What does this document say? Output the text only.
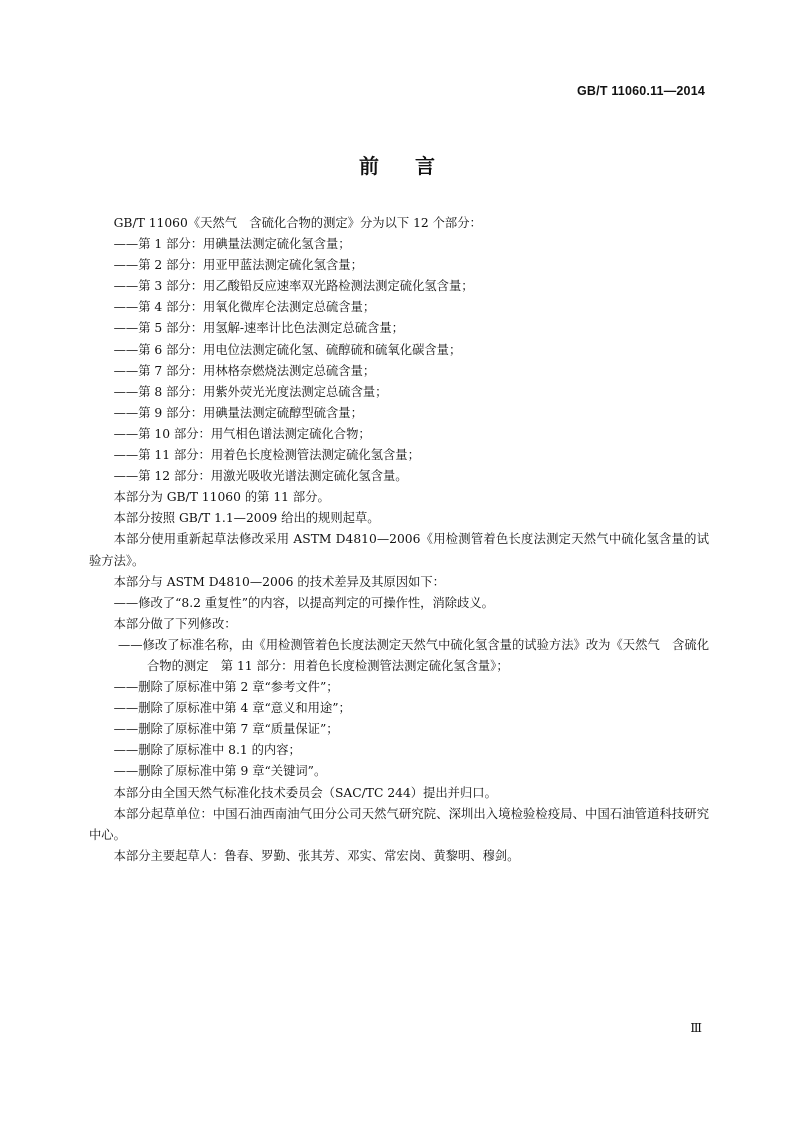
GB/T 11060.11—2014
前言

GB/T 11060《天然气　含硫化合物的测定》分为以下 12 个部分：

——第 1 部分：用碘量法测定硫化氢含量；

——第 2 部分：用亚甲蓝法测定硫化氢含量；

——第 3 部分：用乙酸铅反应速率双光路检测法测定硫化氢含量；

——第 4 部分：用氧化微库仑法测定总硫含量；

——第 5 部分：用氢解-速率计比色法测定总硫含量；

——第 6 部分：用电位法测定硫化氢、硫醇硫和硫氧化碳含量；

——第 7 部分：用林格奈燃烧法测定总硫含量；

——第 8 部分：用紫外荧光光度法测定总硫含量；

——第 9 部分：用碘量法测定硫醇型硫含量；

——第 10 部分：用气相色谱法测定硫化合物；

——第 11 部分：用着色长度检测管法测定硫化氢含量；

——第 12 部分：用激光吸收光谱法测定硫化氢含量。

本部分为 GB/T 11060 的第 11 部分。

本部分按照 GB/T 1.1—2009 给出的规则起草。

本部分使用重新起草法修改采用 ASTM D4810—2006《用检测管着色长度法测定天然气中硫化氢含量的试验方法》。

本部分与 ASTM D4810—2006 的技术差异及其原因如下：

——修改了“8.2 重复性”的内容，以提高判定的可操作性，消除歧义。

本部分做了下列修改：

——修改了标准名称，由《用检测管着色长度法测定天然气中硫化氢含量的试验方法》改为《天然气　含硫化合物的测定　第 11 部分：用着色长度检测管法测定硫化氢含量》；

——删除了原标准中第 2 章“参考文件”；

——删除了原标准中第 4 章“意义和用途”；

——删除了原标准中第 7 章“质量保证”；

——删除了原标准中 8.1 的内容；

——删除了原标准中第 9 章“关键词”。

本部分由全国天然气标准化技术委员会（SAC/TC 244）提出并归口。

本部分起草单位：中国石油西南油气田分公司天然气研究院、深圳出入境检验检疫局、中国石油管道科技研究中心。

本部分主要起草人：鲁春、罗勤、张其芳、邓实、常宏岗、黄黎明、穆剑。

Ⅲ
